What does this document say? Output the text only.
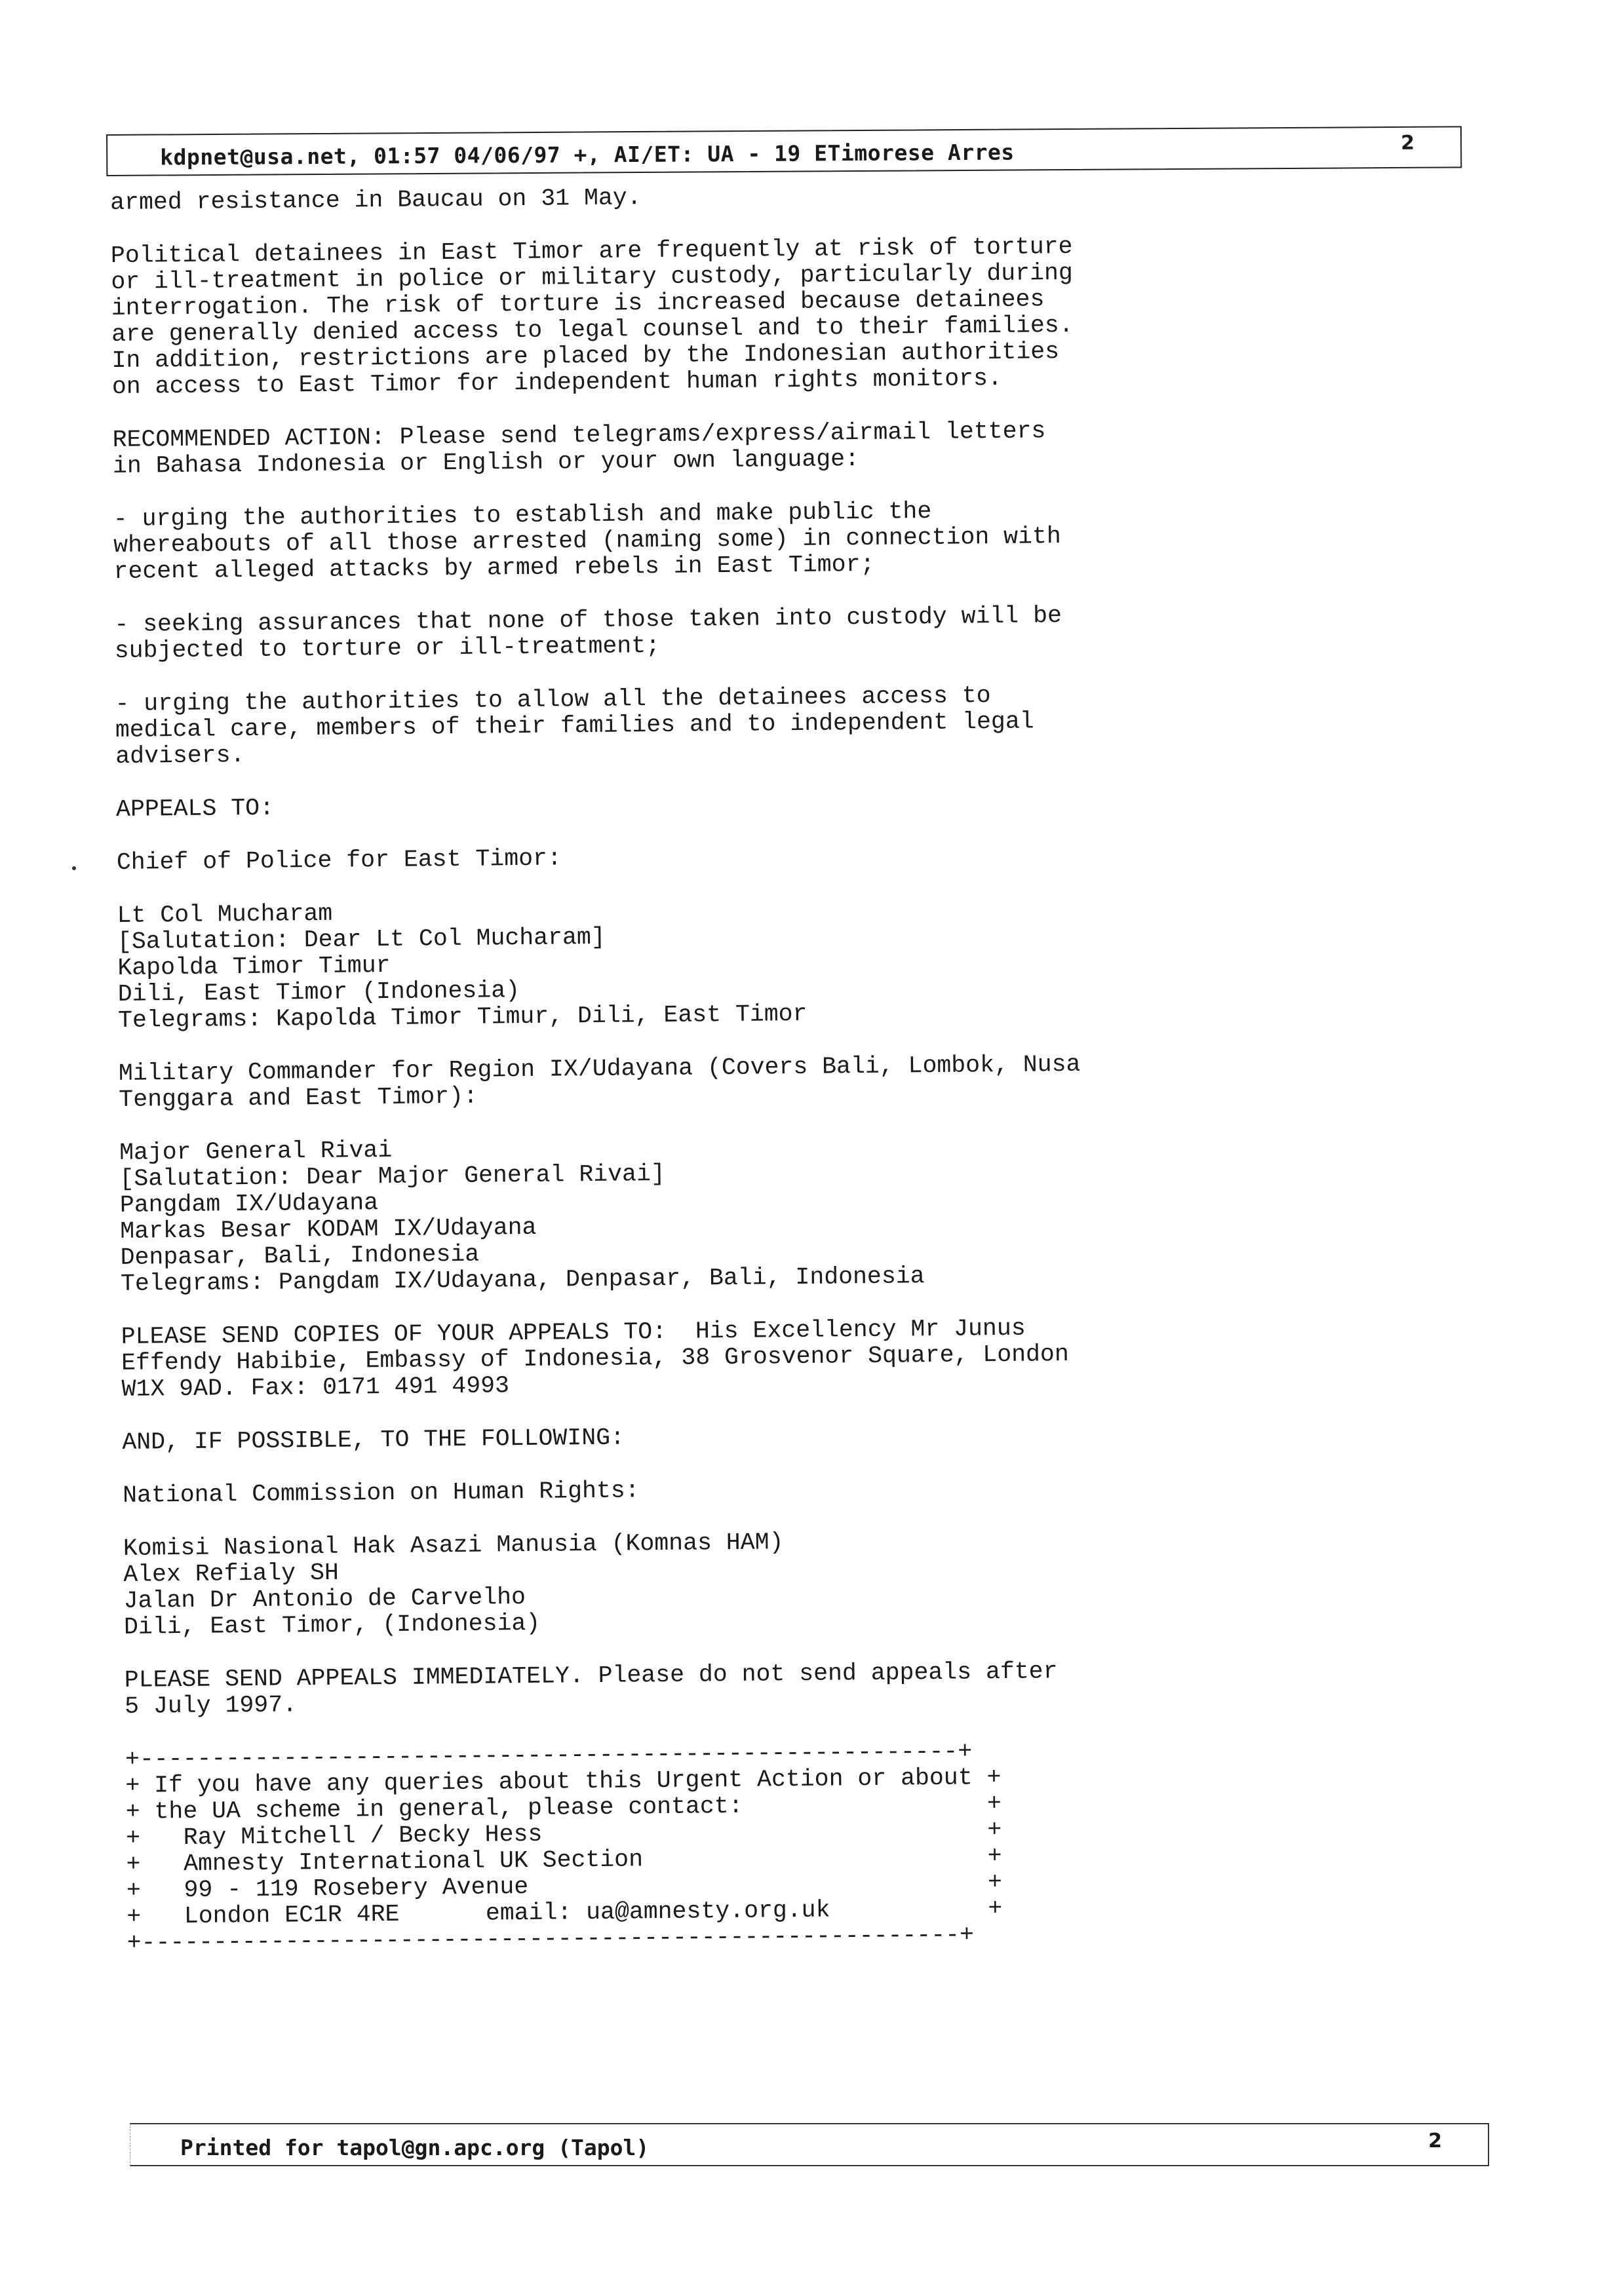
kdpnet@usa.net, 01:57 04/06/97 +, AI/ET: UA - 19 ETimorese Arres	2
armed resistance in Baucau on 31 May.
Political detainees in East Timor are frequently at risk of torture
or ill-treatment in police or military custody, particularly during
interrogation. The risk of torture is increased because detainees
are generally denied access to legal counsel and to their families.
In addition, restrictions are placed by the Indonesian authorities
on access to East Timor for independent human rights monitors.
RECOMMENDED ACTION: Please send telegrams/express/airmail letters
in Bahasa Indonesia or English or your own language:
- urging the authorities to establish and make public the
whereabouts of all those arrested (naming some) in connection with
recent alleged attacks by armed rebels in East Timor;
- seeking assurances that none of those taken into custody will be
subjected to torture or ill-treatment;
- urging the authorities to allow all the detainees access to
medical care, members of their families and to independent legal
advisers.
APPEALS TO:
Chief of Police for East Timor:
Lt Col Mucharam
[Salutation: Dear Lt Col Mucharam]
Kapolda Timor Timur
Dili, East Timor (Indonesia)
Telegrams: Kapolda Timor Timur, Dili, East Timor
Military Commander for Region IX/Udayana (Covers Bali, Lombok, Nusa
Tenggara and East Timor):
Major General Rivai
[Salutation: Dear Major General Rivai]
Pangdam IX/Udayana
Markas Besar KODAM IX/Udayana
Denpasar, Bali, Indonesia
Telegrams: Pangdam IX/Udayana, Denpasar, Bali, Indonesia
PLEASE SEND COPIES OF YOUR APPEALS TO:  His Excellency Mr Junus
Effendy Habibie, Embassy of Indonesia, 38 Grosvenor Square, London
W1X 9AD. Fax: 0171 491 4993
AND, IF POSSIBLE, TO THE FOLLOWING:
National Commission on Human Rights:
Komisi Nasional Hak Asazi Manusia (Komnas HAM)
Alex Refialy SH
Jalan Dr Antonio de Carvelho
Dili, East Timor, (Indonesia)
PLEASE SEND APPEALS IMMEDIATELY. Please do not send appeals after
5 July 1997.
+---------------------------------------------------------+
+ If you have any queries about this Urgent Action or about +
+ the UA scheme in general, please contact:                 +
+   Ray Mitchell / Becky Hess                               +
+   Amnesty International UK Section                        +
+   99 - 119 Rosebery Avenue                                +
+   London EC1R 4RE      email: ua@amnesty.org.uk           +
+---------------------------------------------------------+
Printed for tapol@gn.apc.org (Tapol)	2
